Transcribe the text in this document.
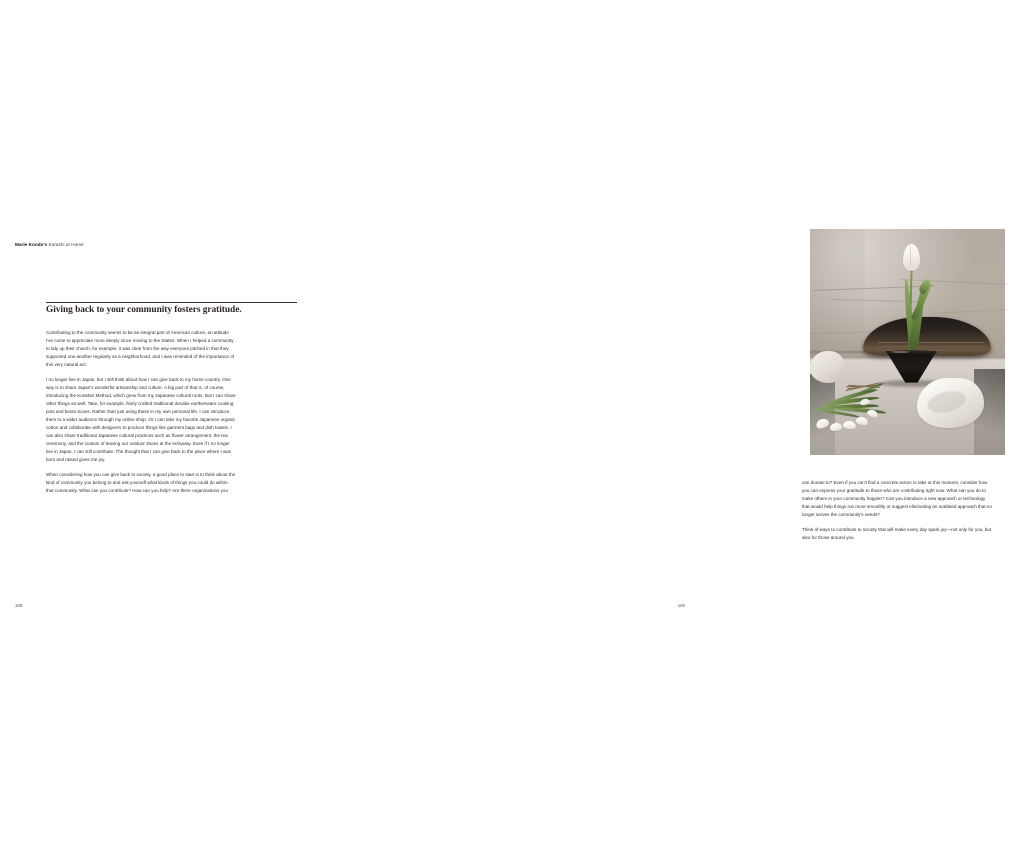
Marie Kondo's Kurashi at Home
Giving back to your community fosters gratitude.

Contributing to the community seems to be an integral part of American culture, an attitude I've come to appreciate more deeply since moving to the States. When I helped a community to tidy up their church, for example, it was clear from the way everyone pitched in that they supported one another regularly as a neighborhood, and I was reminded of the importance of this very natural act.

I no longer live in Japan, but I still think about how I can give back to my home country. One way is to share Japan's wonderful artisanship and culture. A big part of that is, of course, introducing the KonMari Method, which grew from my Japanese cultural roots. But I can share other things as well. Take, for example, finely crafted traditional donabe earthenware cooking pots and bento boxes. Rather than just using these in my own personal life, I can introduce them to a wider audience through my online shop. Or I can take my favorite Japanese organic cotton and collaborate with designers to produce things like garment bags and dish towels. I can also share traditional Japanese cultural practices such as flower arrangement, the tea ceremony, and the custom of leaving our outdoor shoes at the entryway. Even if I no longer live in Japan, I can still contribute. The thought that I can give back to the place where I was born and raised gives me joy.

When considering how you can give back to society, a good place to start is to think about the kind of community you belong to and ask yourself what kinds of things you could do within that community. What can you contribute? How can you help? Are there organizations you

108

can donate to? Even if you can't find a concrete action to take at this moment, consider how you can express your gratitude to those who are contributing right now. What can you do to make others in your community happier? Can you introduce a new approach or technology that would help things run more smoothly or suggest eliminating an outdated approach that no longer serves the community's needs?

Think of ways to contribute to society that will make every day spark joy—not only for you, but also for those around you.

109
